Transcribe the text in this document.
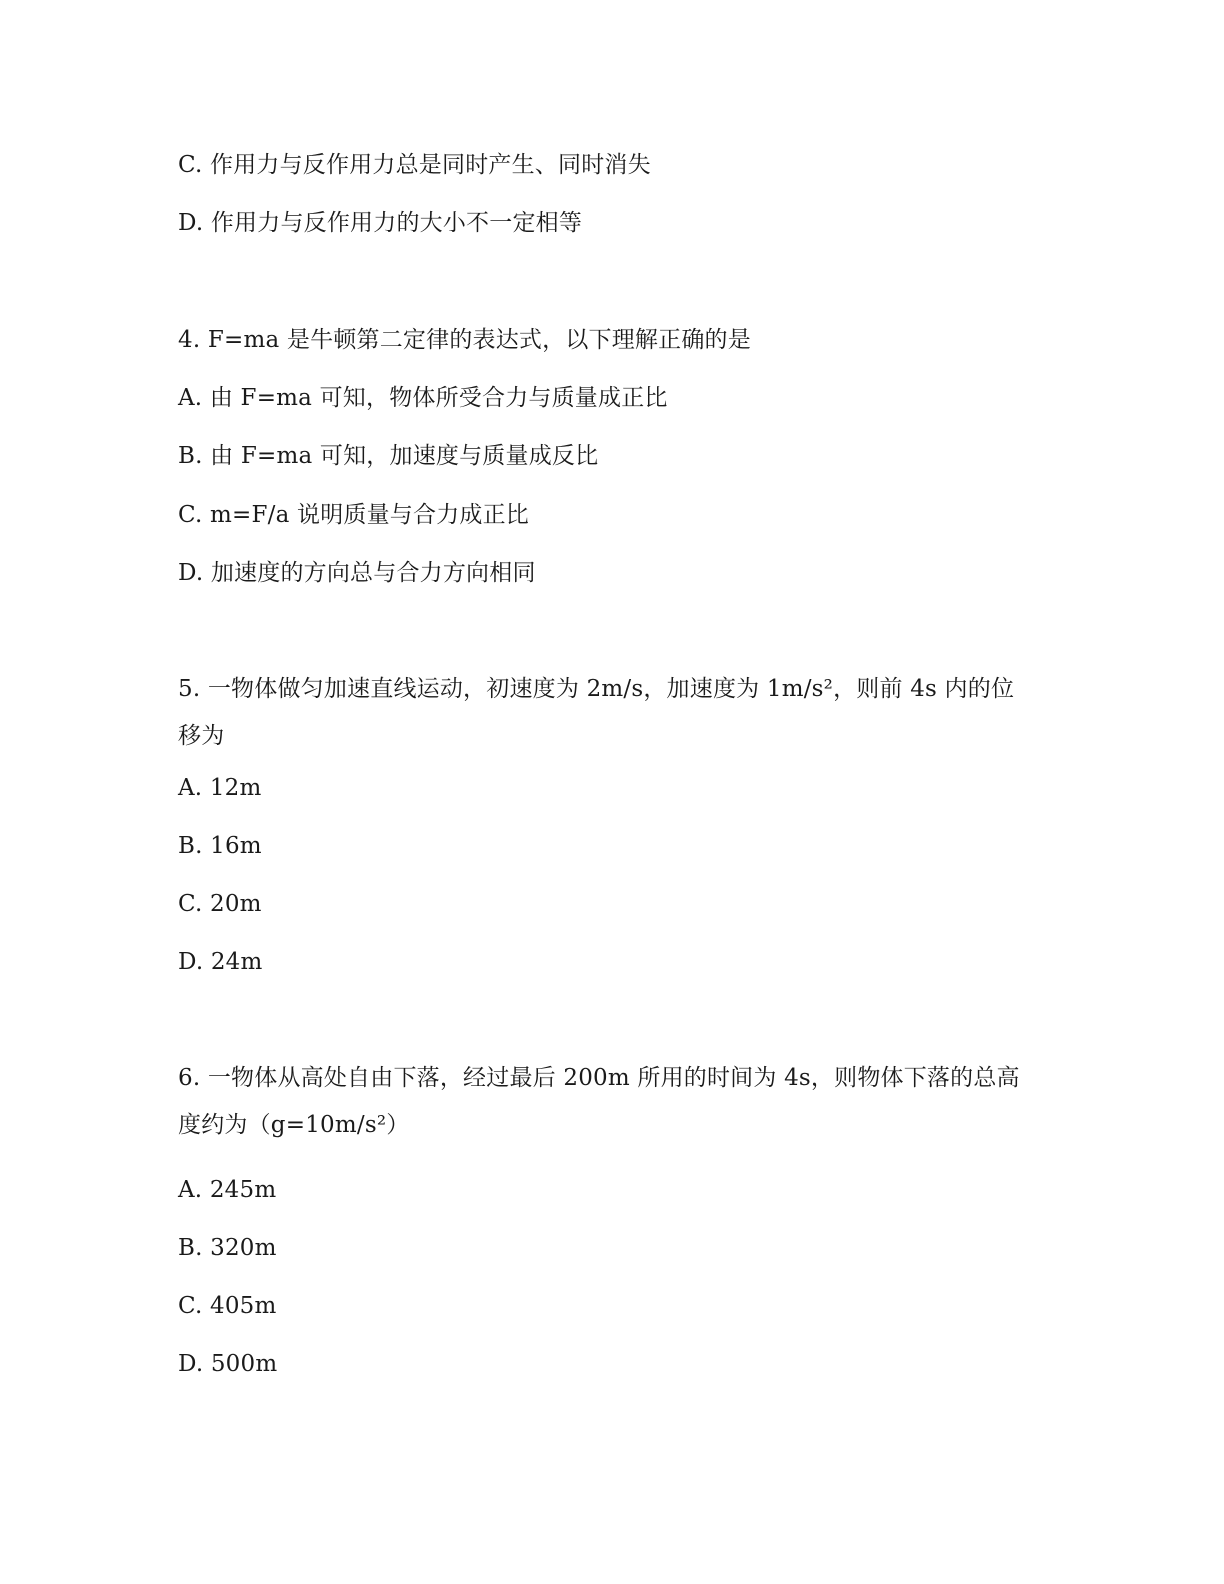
C. 作用力与反作用力总是同时产生、同时消失
D. 作用力与反作用力的大小不一定相等
4. F=ma 是牛顿第二定律的表达式，以下理解正确的是
A. 由 F=ma 可知，物体所受合力与质量成正比
B. 由 F=ma 可知，加速度与质量成反比
C. m=F/a 说明质量与合力成正比
D. 加速度的方向总与合力方向相同
5. 一物体做匀加速直线运动，初速度为 2m/s，加速度为 1m/s²，则前 4s 内的位移为
A. 12m
B. 16m
C. 20m
D. 24m
6. 一物体从高处自由下落，经过最后 200m 所用的时间为 4s，则物体下落的总高度约为（g=10m/s²）
A. 245m
B. 320m
C. 405m
D. 500m
